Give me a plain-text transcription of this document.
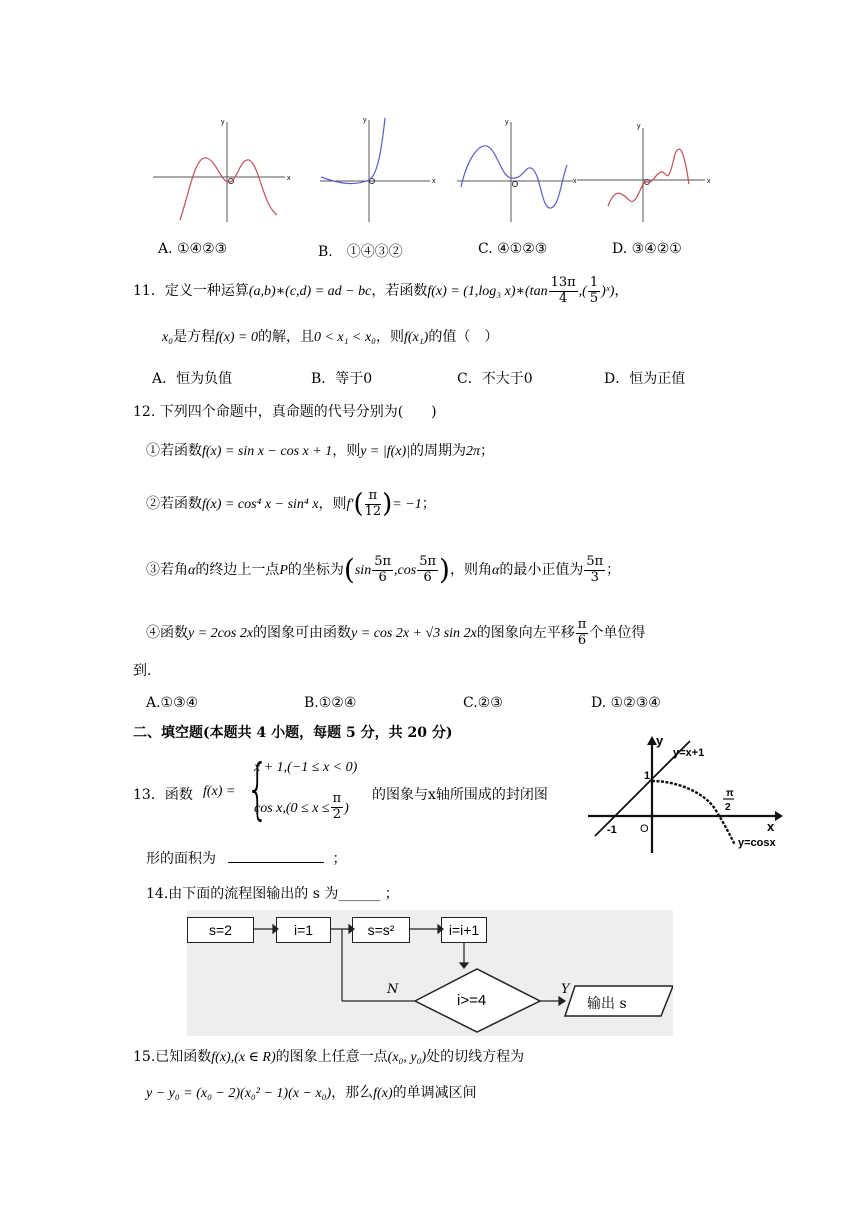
y
x
y
x
y
x
y
x
A. ①④②③	B.　①④③②	C. ④①②③	D. ③④②①
11．定义一种运算(a,b)∗(c,d) = ad − bc，若函数f(x) = (1,log₃ x)∗(tan $\frac{13\pi}{4}$ ,( $\frac{1}{5}$ )ˣ)，
x₀是方程f(x) = 0的解，且0 < x₁ < x₀，则f(x₁)的值（　）
A．恒为负值	B．等于0	C．不大于0	D．恒为正值
12. 下列四个命题中，真命题的代号分别为(　　)
①若函数f(x) = sin x − cos x + 1，则y = |f(x)|的周期为2π；
②若函数f(x) = cos⁴ x − sin⁴ x，则$f'( \frac{\pi}{12}$ )= −1；
③若角α的终边上一点P的坐标为($\sin \frac{5\pi}{6} ,\cos \frac{5\pi}{6}$ )，则角α的最小正值为 $\frac{5\pi}{3}$ ；
④函数y = 2cos 2x的图象可由函数y = cos 2x + √3 sin 2x的图象向左平移 $\frac{\pi}{6}$ 个单位得
到.
A.①③④	B.①②④	C.②③	D. ①②③④
二、填空题(本题共 4 小题，每题 5 分，共 20 分)
13．函数 f(x) = {
x + 1,(−1 ≤ x < 0)
$\cos x,(0 \le x \le \frac{\pi}{2}$ )
的图象与x轴所围成的封闭图
形的面积为	；
y
x
1
-1 O
y=x+1
y=cosx
π
2
14.由下面的流程图输出的 s 为______ ；
s=2	i=1	s=s²	i=i+1
i>=4
N	Y
输出 s
15.已知函数f(x),(x ∈ R)的图象上任意一点(x₀, y₀)处的切线方程为
y − y₀ = (x₀ − 2)(x₀² − 1)(x − x₀)，那么f(x)的单调减区间
